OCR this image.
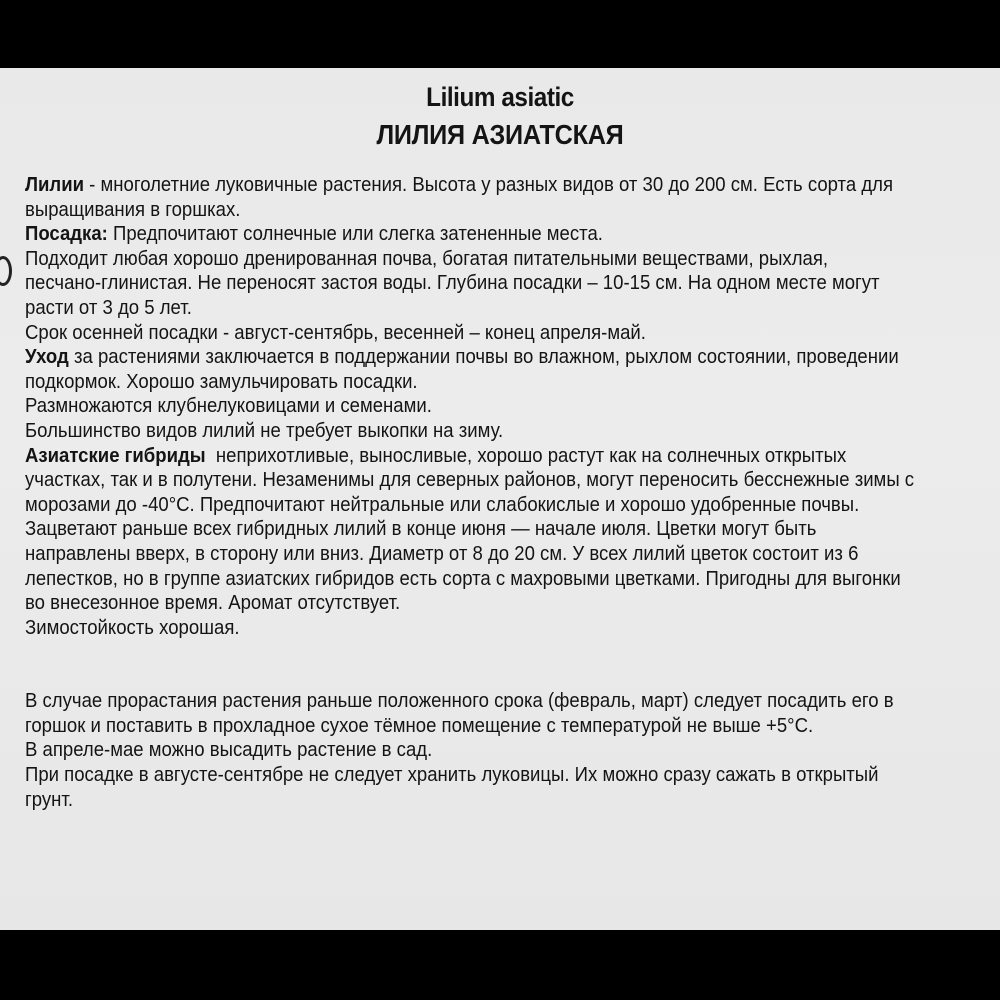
Lilium asiatic
ЛИЛИЯ АЗИАТСКАЯ
Лилии - многолетние луковичные растения. Высота у разных видов от 30 до 200 см. Есть сорта для
выращивания в горшках.
Посадка: Предпочитают солнечные или слегка затененные места.
Подходит любая хорошо дренированная почва, богатая питательными веществами, рыхлая,
песчано-глинистая. Не переносят застоя воды. Глубина посадки – 10-15 см. На одном месте могут
расти от 3 до 5 лет.
Срок осенней посадки - август-сентябрь, весенней – конец апреля-май.
Уход за растениями заключается в поддержании почвы во влажном, рыхлом состоянии, проведении
подкормок. Хорошо замульчировать посадки.
Размножаются клубнелуковицами и семенами.
Большинство видов лилий не требует выкопки на зиму.
Азиатские гибриды  неприхотливые, выносливые, хорошо растут как на солнечных открытых
участках, так и в полутени. Незаменимы для северных районов, могут переносить бесснежные зимы с
морозами до -40°С. Предпочитают нейтральные или слабокислые и хорошо удобренные почвы.
Зацветают раньше всех гибридных лилий в конце июня — начале июля. Цветки могут быть
направлены вверх, в сторону или вниз. Диаметр от 8 до 20 см. У всех лилий цветок состоит из 6
лепестков, но в группе азиатских гибридов есть сорта с махровыми цветками. Пригодны для выгонки
во внесезонное время. Аромат отсутствует.
Зимостойкость хорошая.
В случае прорастания растения раньше положенного срока (февраль, март) следует посадить его в
горшок и поставить в прохладное сухое тёмное помещение с температурой не выше +5°С.
В апреле-мае можно высадить растение в сад.
При посадке в августе-сентябре не следует хранить луковицы. Их можно сразу сажать в открытый
грунт.
